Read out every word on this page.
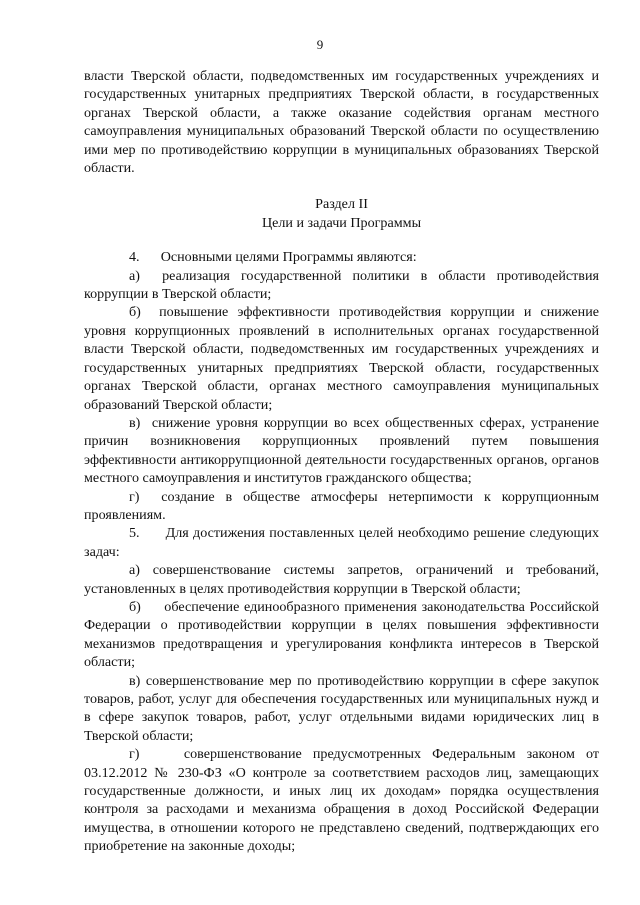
9

власти Тверской области, подведомственных им государственных учреждениях и государственных унитарных предприятиях Тверской области, в государственных органах Тверской области, а также оказание содействия органам местного самоуправления муниципальных образований Тверской области по осуществлению ими мер по противодействию коррупции в муниципальных образованиях Тверской области.

Раздел II

Цели и задачи Программы

4.      Основными целями Программы являются:

а)  реализация государственной политики в области противодействия коррупции в Тверской области;

б)  повышение эффективности противодействия коррупции и снижение уровня коррупционных проявлений в исполнительных органах государственной власти Тверской области, подведомственных им государственных учреждениях и государственных унитарных предприятиях Тверской области, государственных органах Тверской области, органах местного самоуправления муниципальных образований Тверской области;

в)  снижение уровня коррупции во всех общественных сферах, устранение причин возникновения коррупционных проявлений путем повышения эффективности антикоррупционной деятельности государственных органов, органов местного самоуправления и институтов гражданского общества;

г)  создание в обществе атмосферы нетерпимости к коррупционным проявлениям.

5.      Для достижения поставленных целей необходимо решение следующих задач:

а) совершенствование системы запретов, ограничений и требований, установленных в целях противодействия коррупции в Тверской области;

б)     обеспечение единообразного применения законодательства Российской Федерации о противодействии коррупции в целях повышения эффективности механизмов предотвращения и урегулирования конфликта интересов в Тверской области;

в) совершенствование мер по противодействию коррупции в сфере закупок товаров, работ, услуг для обеспечения государственных или муниципальных нужд и в сфере закупок товаров, работ, услуг отдельными видами юридических лиц в Тверской области;

г)    совершенствование предусмотренных Федеральным законом от 03.12.2012 № 230-ФЗ «О контроле за соответствием расходов лиц, замещающих государственные должности, и иных лиц их доходам» порядка осуществления контроля за расходами и механизма обращения в доход Российской Федерации имущества, в отношении которого не представлено сведений, подтверждающих его приобретение на законные доходы;
